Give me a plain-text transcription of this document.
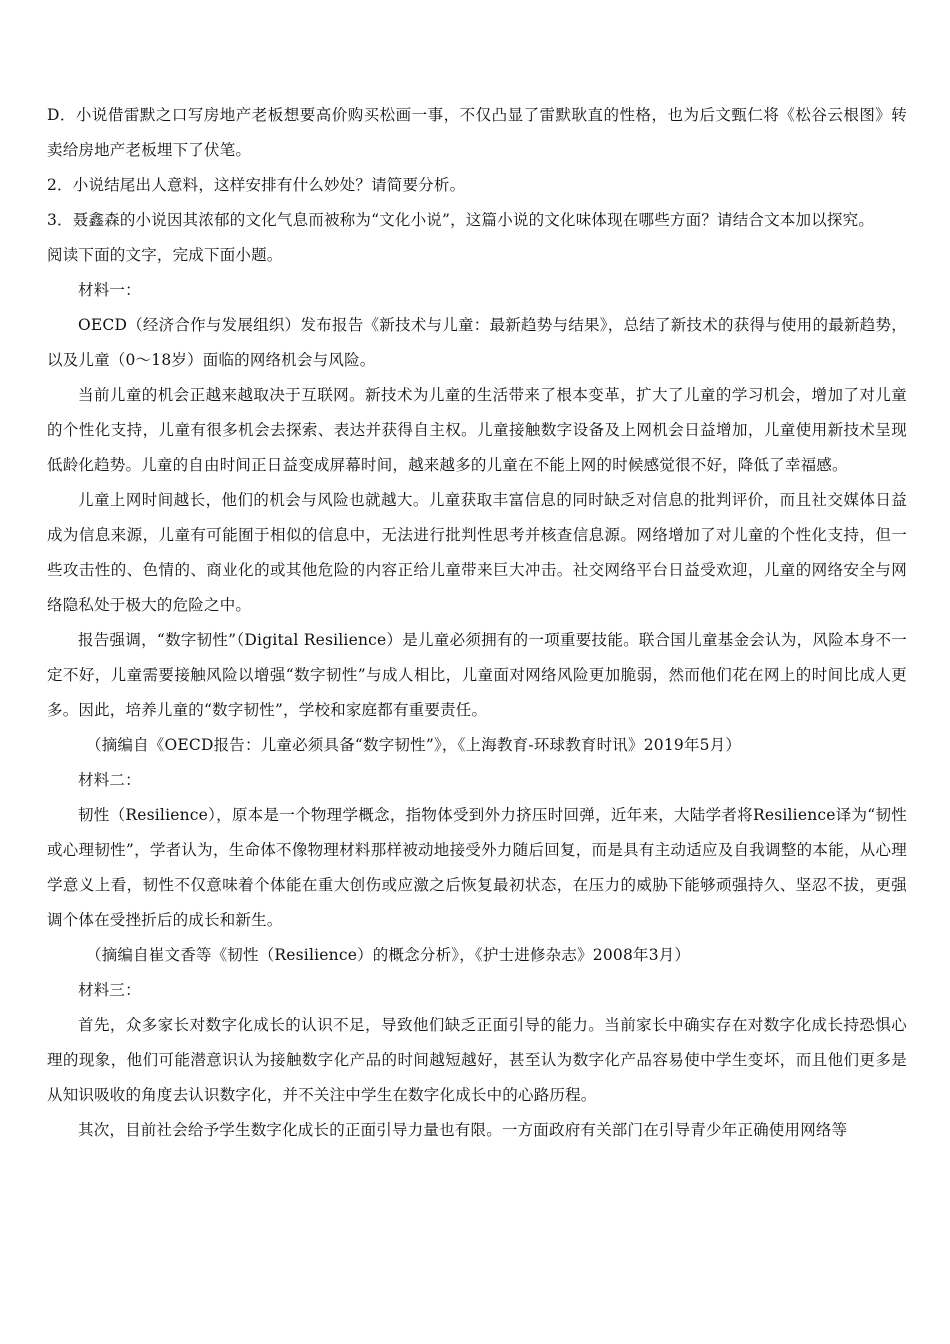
D．小说借雷默之口写房地产老板想要高价购买松画一事，不仅凸显了雷默耿直的性格，也为后文甄仁将《松谷云根图》转卖给房地产老板埋下了伏笔。

2．小说结尾出人意料，这样安排有什么妙处？请简要分析。

3．聂鑫森的小说因其浓郁的文化气息而被称为“文化小说”，这篇小说的文化味体现在哪些方面？请结合文本加以探究。

阅读下面的文字，完成下面小题。

材料一：

OECD（经济合作与发展组织）发布报告《新技术与儿童：最新趋势与结果》，总结了新技术的获得与使用的最新趋势，以及儿童（0～18岁）面临的网络机会与风险。

当前儿童的机会正越来越取决于互联网。新技术为儿童的生活带来了根本变革，扩大了儿童的学习机会，增加了对儿童的个性化支持，儿童有很多机会去探索、表达并获得自主权。儿童接触数字设备及上网机会日益增加，儿童使用新技术呈现低龄化趋势。儿童的自由时间正日益变成屏幕时间，越来越多的儿童在不能上网的时候感觉很不好，降低了幸福感。

儿童上网时间越长，他们的机会与风险也就越大。儿童获取丰富信息的同时缺乏对信息的批判评价，而且社交媒体日益成为信息来源，儿童有可能囿于相似的信息中，无法进行批判性思考并核查信息源。网络增加了对儿童的个性化支持，但一些攻击性的、色情的、商业化的或其他危险的内容正给儿童带来巨大冲击。社交网络平台日益受欢迎，儿童的网络安全与网络隐私处于极大的危险之中。

报告强调，“数字韧性”（Digital Resilience）是儿童必须拥有的一项重要技能。联合国儿童基金会认为，风险本身不一定不好，儿童需要接触风险以增强“数字韧性”与成人相比，儿童面对网络风险更加脆弱，然而他们花在网上的时间比成人更多。因此，培养儿童的“数字韧性”，学校和家庭都有重要责任。

（摘编自《OECD报告：儿童必须具备“数字韧性”》，《上海教育-环球教育时讯》2019年5月）

材料二：

韧性（Resilience），原本是一个物理学概念，指物体受到外力挤压时回弹，近年来，大陆学者将Resilience译为“韧性或心理韧性”，学者认为，生命体不像物理材料那样被动地接受外力随后回复，而是具有主动适应及自我调整的本能，从心理学意义上看，韧性不仅意味着个体能在重大创伤或应激之后恢复最初状态，在压力的威胁下能够顽强持久、坚忍不拔，更强调个体在受挫折后的成长和新生。

（摘编自崔文香等《韧性（Resilience）的概念分析》，《护士进修杂志》2008年3月）

材料三：

首先，众多家长对数字化成长的认识不足，导致他们缺乏正面引导的能力。当前家长中确实存在对数字化成长持恐惧心理的现象，他们可能潜意识认为接触数字化产品的时间越短越好，甚至认为数字化产品容易使中学生变坏，而且他们更多是从知识吸收的角度去认识数字化，并不关注中学生在数字化成长中的心路历程。

其次，目前社会给予学生数字化成长的正面引导力量也有限。一方面政府有关部门在引导青少年正确使用网络等
